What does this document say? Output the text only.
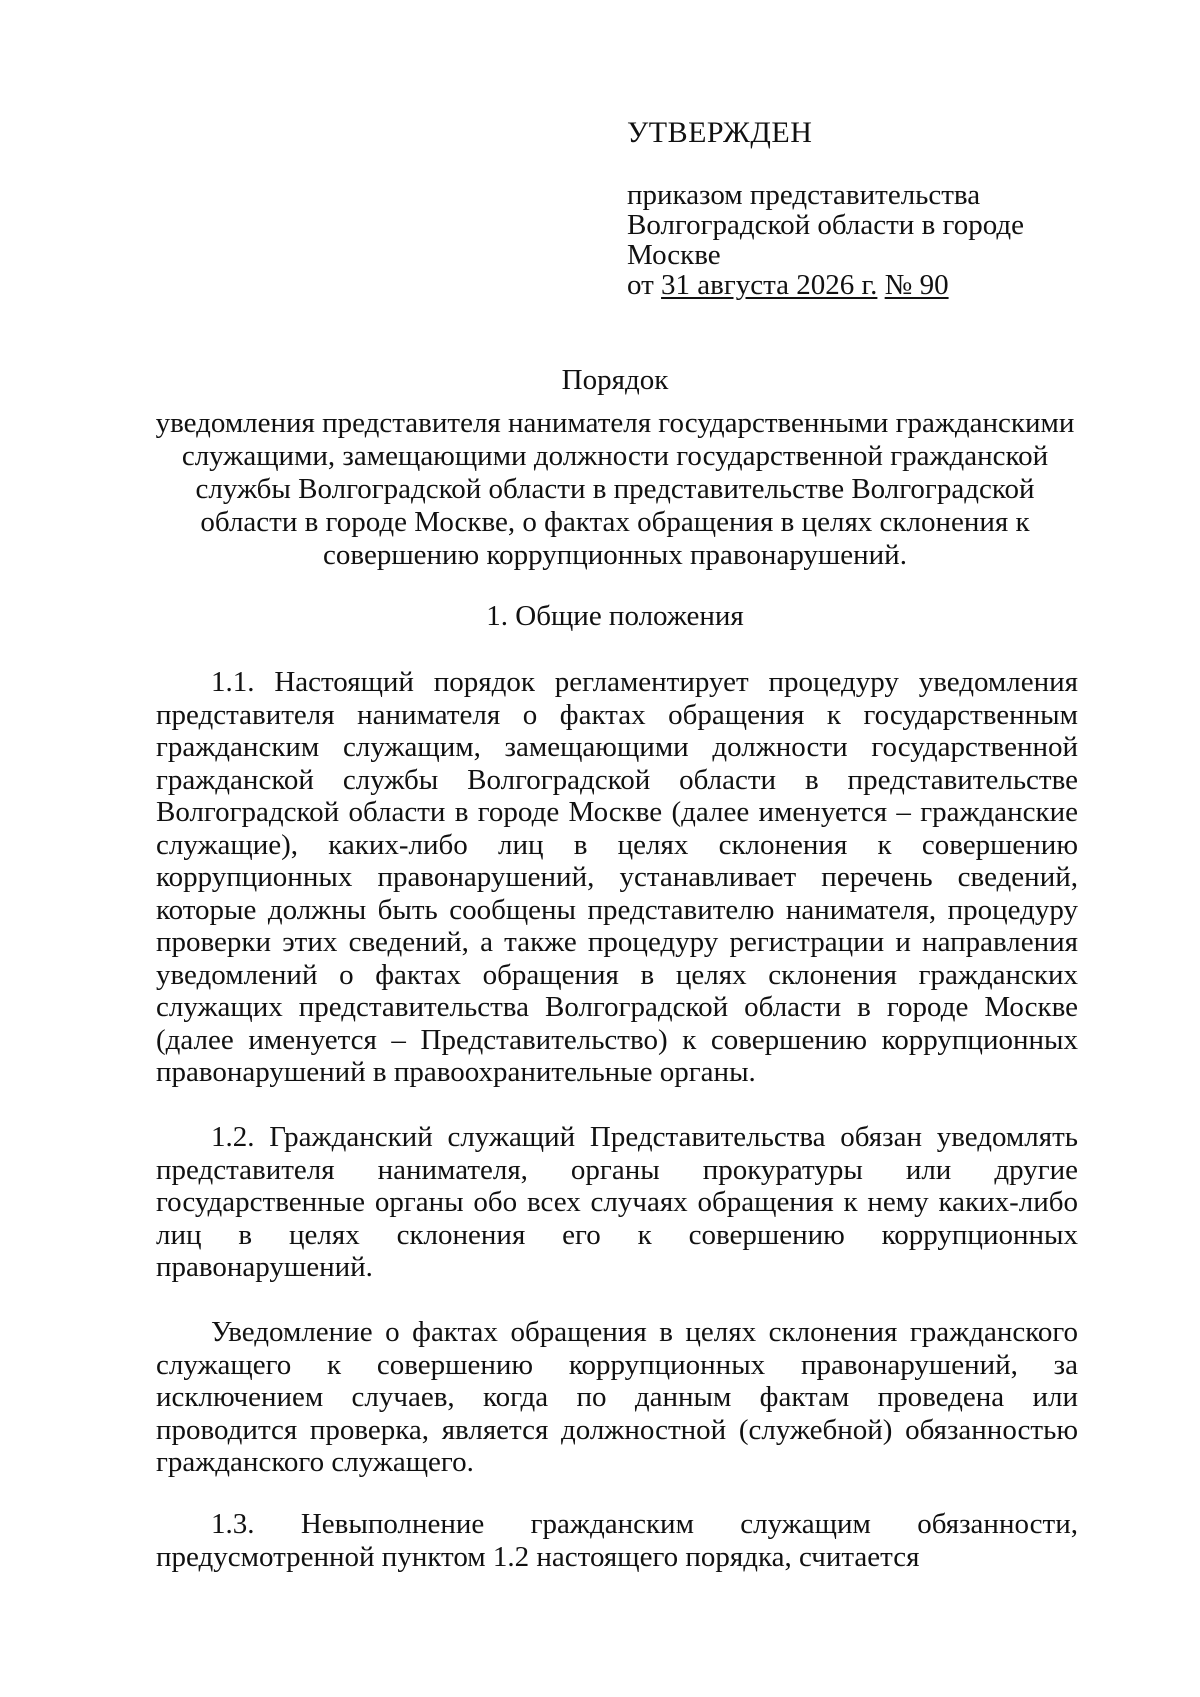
УТВЕРЖДЕН
приказом представительства
Волгоградской области в городе
Москве
от 31 августа 2026 г. № 90
Порядок
уведомления представителя нанимателя государственными гражданскими служащими, замещающими должности государственной гражданской службы Волгоградской области в представительстве Волгоградской области в городе Москве, о фактах обращения в целях склонения к совершению коррупционных правонарушений.
1. Общие положения
1.1. Настоящий порядок регламентирует процедуру уведомления представителя нанимателя о фактах обращения к государственным гражданским служащим, замещающими должности государственной гражданской службы Волгоградской области в представительстве Волгоградской области в городе Москве (далее именуется – гражданские служащие), каких-либо лиц в целях склонения к совершению коррупционных правонарушений, устанавливает перечень сведений, которые должны быть сообщены представителю нанимателя, процедуру проверки этих сведений, а также процедуру регистрации и направления уведомлений о фактах обращения в целях склонения гражданских служащих представительства Волгоградской области в городе Москве (далее именуется – Представительство) к совершению коррупционных правонарушений в правоохранительные органы.
1.2. Гражданский служащий Представительства обязан уведомлять представителя нанимателя, органы прокуратуры или другие государственные органы обо всех случаях обращения к нему каких-либо лиц в целях склонения его к совершению коррупционных правонарушений.
Уведомление о фактах обращения в целях склонения гражданского служащего к совершению коррупционных правонарушений, за исключением случаев, когда по данным фактам проведена или проводится проверка, является должностной (служебной) обязанностью гражданского служащего.
1.3. Невыполнение гражданским служащим обязанности, предусмотренной пунктом 1.2 настоящего порядка, считается
